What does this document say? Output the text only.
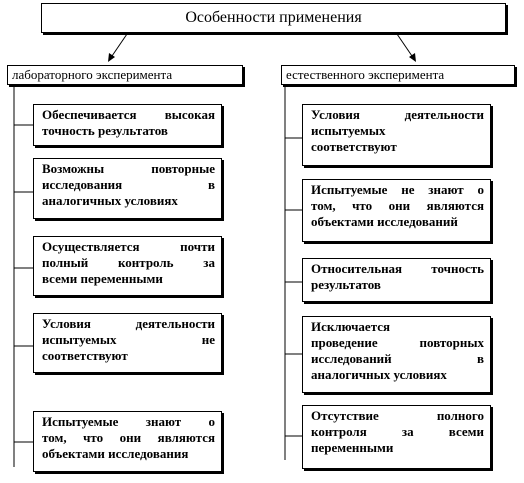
Особенности применения
лабораторного эксперимента	естественного эксперимента
Обеспечивается высокая
точность результатов
Возможны повторные
исследования в
аналогичных условиях
Осуществляется почти
полный контроль за
всеми переменными
Условия деятельности
испытуемых не
соответствуют
Испытуемые знают о
том, что они являются
объектами исследования
Условия деятельности
испытуемых
соответствуют
Испытуемые не знают о
том, что они являются
объектами исследований
Относительная точность
результатов
Исключается
проведение повторных
исследований в
аналогичных условиях
Отсутствие полного
контроля за всеми
переменными
